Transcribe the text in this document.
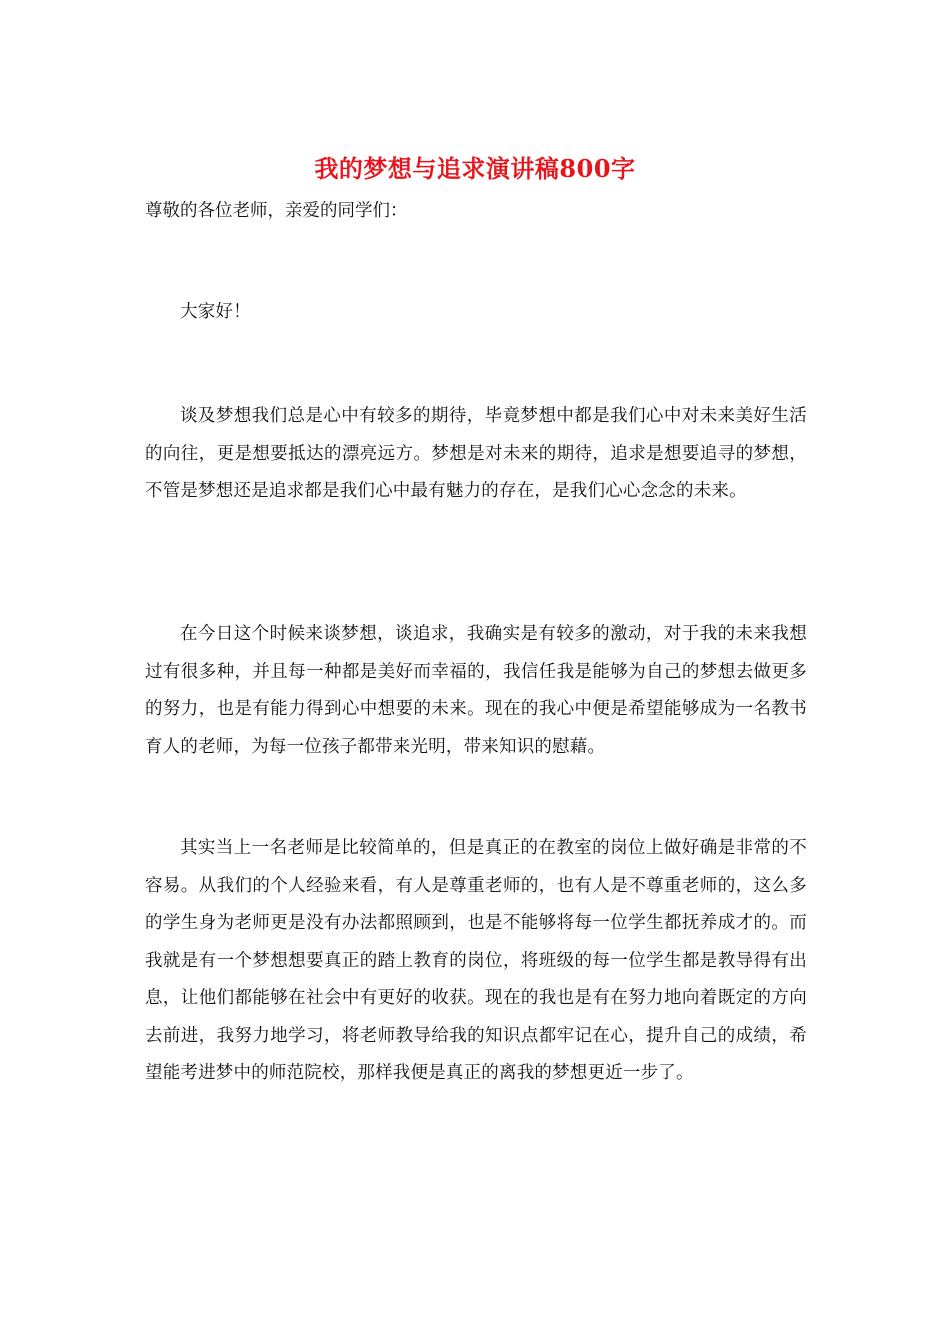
我的梦想与追求演讲稿800字
尊敬的各位老师，亲爱的同学们：

大家好！

谈及梦想我们总是心中有较多的期待，毕竟梦想中都是我们心中对未来美好生活的向往，更是想要抵达的漂亮远方。梦想是对未来的期待，追求是想要追寻的梦想，不管是梦想还是追求都是我们心中最有魅力的存在，是我们心心念念的未来。

在今日这个时候来谈梦想，谈追求，我确实是有较多的激动，对于我的未来我想过有很多种，并且每一种都是美好而幸福的，我信任我是能够为自己的梦想去做更多的努力，也是有能力得到心中想要的未来。现在的我心中便是希望能够成为一名教书育人的老师，为每一位孩子都带来光明，带来知识的慰藉。

其实当上一名老师是比较简单的，但是真正的在教室的岗位上做好确是非常的不容易。从我们的个人经验来看，有人是尊重老师的，也有人是不尊重老师的，这么多的学生身为老师更是没有办法都照顾到，也是不能够将每一位学生都抚养成才的。而我就是有一个梦想想要真正的踏上教育的岗位，将班级的每一位学生都是教导得有出息，让他们都能够在社会中有更好的收获。现在的我也是有在努力地向着既定的方向去前进，我努力地学习，将老师教导给我的知识点都牢记在心，提升自己的成绩，希望能考进梦中的师范院校，那样我便是真正的离我的梦想更近一步了。
